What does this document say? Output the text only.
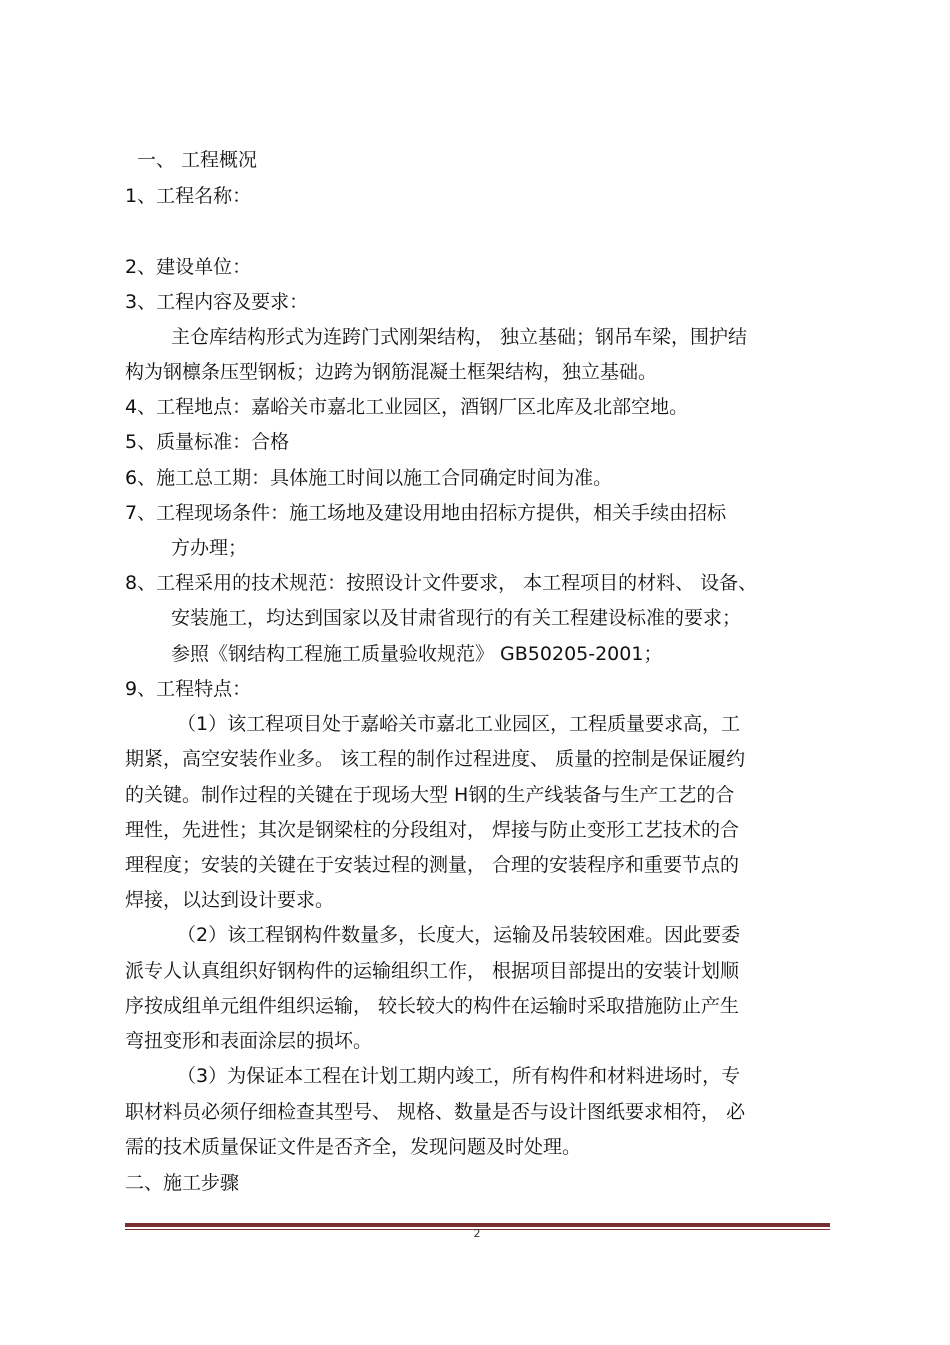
一、 工程概况
1、工程名称：
2、建设单位：
3、工程内容及要求：
主仓库结构形式为连跨门式刚架结构， 独立基础；钢吊车梁，围护结
构为钢檩条压型钢板；边跨为钢筋混凝土框架结构，独立基础。
4、工程地点：嘉峪关市嘉北工业园区，酒钢厂区北库及北部空地。
5、质量标准：合格
6、施工总工期：具体施工时间以施工合同确定时间为准。
7、工程现场条件：施工场地及建设用地由招标方提供，相关手续由招标
方办理；
8、工程采用的技术规范：按照设计文件要求， 本工程项目的材料、 设备、
安装施工，均达到国家以及甘肃省现行的有关工程建设标准的要求；
参照《钢结构工程施工质量验收规范》 GB50205-2001；
9、工程特点：
（1）该工程项目处于嘉峪关市嘉北工业园区，工程质量要求高，工
期紧，高空安装作业多。 该工程的制作过程进度、 质量的控制是保证履约
的关键。制作过程的关键在于现场大型 H钢的生产线装备与生产工艺的合
理性，先进性；其次是钢梁柱的分段组对， 焊接与防止变形工艺技术的合
理程度；安装的关键在于安装过程的测量， 合理的安装程序和重要节点的
焊接，以达到设计要求。
（2）该工程钢构件数量多，长度大，运输及吊装较困难。因此要委
派专人认真组织好钢构件的运输组织工作， 根据项目部提出的安装计划顺
序按成组单元组件组织运输， 较长较大的构件在运输时采取措施防止产生
弯扭变形和表面涂层的损坏。
（3）为保证本工程在计划工期内竣工，所有构件和材料进场时，专
职材料员必须仔细检查其型号、 规格、数量是否与设计图纸要求相符， 必
需的技术质量保证文件是否齐全，发现问题及时处理。
二、施工步骤
2
